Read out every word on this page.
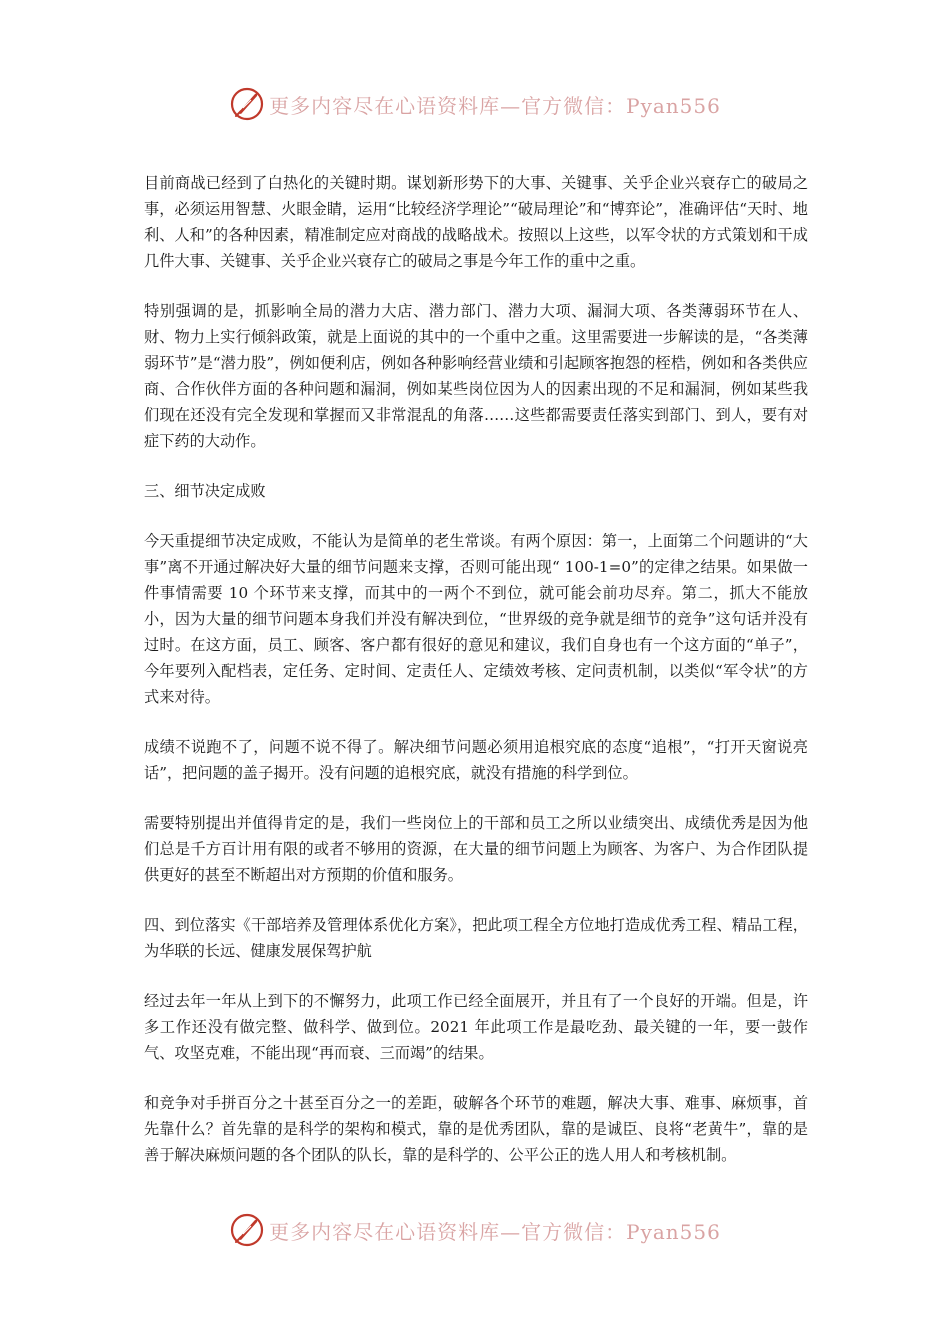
更多内容尽在心语资料库—官方微信：Pyan556

目前商战已经到了白热化的关键时期。谋划新形势下的大事、关键事、关乎企业兴衰存亡的破局之事，必须运用智慧、火眼金睛，运用“比较经济学理论”“破局理论”和“博弈论”，准确评估“天时、地利、人和”的各种因素，精准制定应对商战的战略战术。按照以上这些，以军令状的方式策划和干成几件大事、关键事、关乎企业兴衰存亡的破局之事是今年工作的重中之重。

特别强调的是，抓影响全局的潜力大店、潜力部门、潜力大项、漏洞大项、各类薄弱环节在人、财、物力上实行倾斜政策，就是上面说的其中的一个重中之重。这里需要进一步解读的是，“各类薄弱环节”是“潜力股”，例如便利店，例如各种影响经营业绩和引起顾客抱怨的桎梏，例如和各类供应商、合作伙伴方面的各种问题和漏洞，例如某些岗位因为人的因素出现的不足和漏洞，例如某些我们现在还没有完全发现和掌握而又非常混乱的角落……这些都需要责任落实到部门、到人，要有对症下药的大动作。

三、细节决定成败

今天重提细节决定成败，不能认为是简单的老生常谈。有两个原因：第一，上面第二个问题讲的“大事”离不开通过解决好大量的细节问题来支撑，否则可能出现“ 100-1=0”的定律之结果。如果做一件事情需要 10 个环节来支撑，而其中的一两个不到位，就可能会前功尽弃。第二，抓大不能放小，因为大量的细节问题本身我们并没有解决到位，“世界级的竞争就是细节的竞争”这句话并没有过时。在这方面，员工、顾客、客户都有很好的意见和建议，我们自身也有一个这方面的“单子”，今年要列入配档表，定任务、定时间、定责任人、定绩效考核、定问责机制，以类似“军令状”的方式来对待。

成绩不说跑不了，问题不说不得了。解决细节问题必须用追根究底的态度“追根”，“打开天窗说亮话”，把问题的盖子揭开。没有问题的追根究底，就没有措施的科学到位。

需要特别提出并值得肯定的是，我们一些岗位上的干部和员工之所以业绩突出、成绩优秀是因为他们总是千方百计用有限的或者不够用的资源，在大量的细节问题上为顾客、为客户、为合作团队提供更好的甚至不断超出对方预期的价值和服务。

四、到位落实《干部培养及管理体系优化方案》，把此项工程全方位地打造成优秀工程、精品工程，为华联的长远、健康发展保驾护航

经过去年一年从上到下的不懈努力，此项工作已经全面展开，并且有了一个良好的开端。但是，许多工作还没有做完整、做科学、做到位。2021 年此项工作是最吃劲、最关键的一年，要一鼓作气、攻坚克难，不能出现“再而衰、三而竭”的结果。

和竞争对手拼百分之十甚至百分之一的差距，破解各个环节的难题，解决大事、难事、麻烦事，首先靠什么？首先靠的是科学的架构和模式，靠的是优秀团队，靠的是诚臣、良将“老黄牛”，靠的是善于解决麻烦问题的各个团队的队长，靠的是科学的、公平公正的选人用人和考核机制。

更多内容尽在心语资料库—官方微信：Pyan556
